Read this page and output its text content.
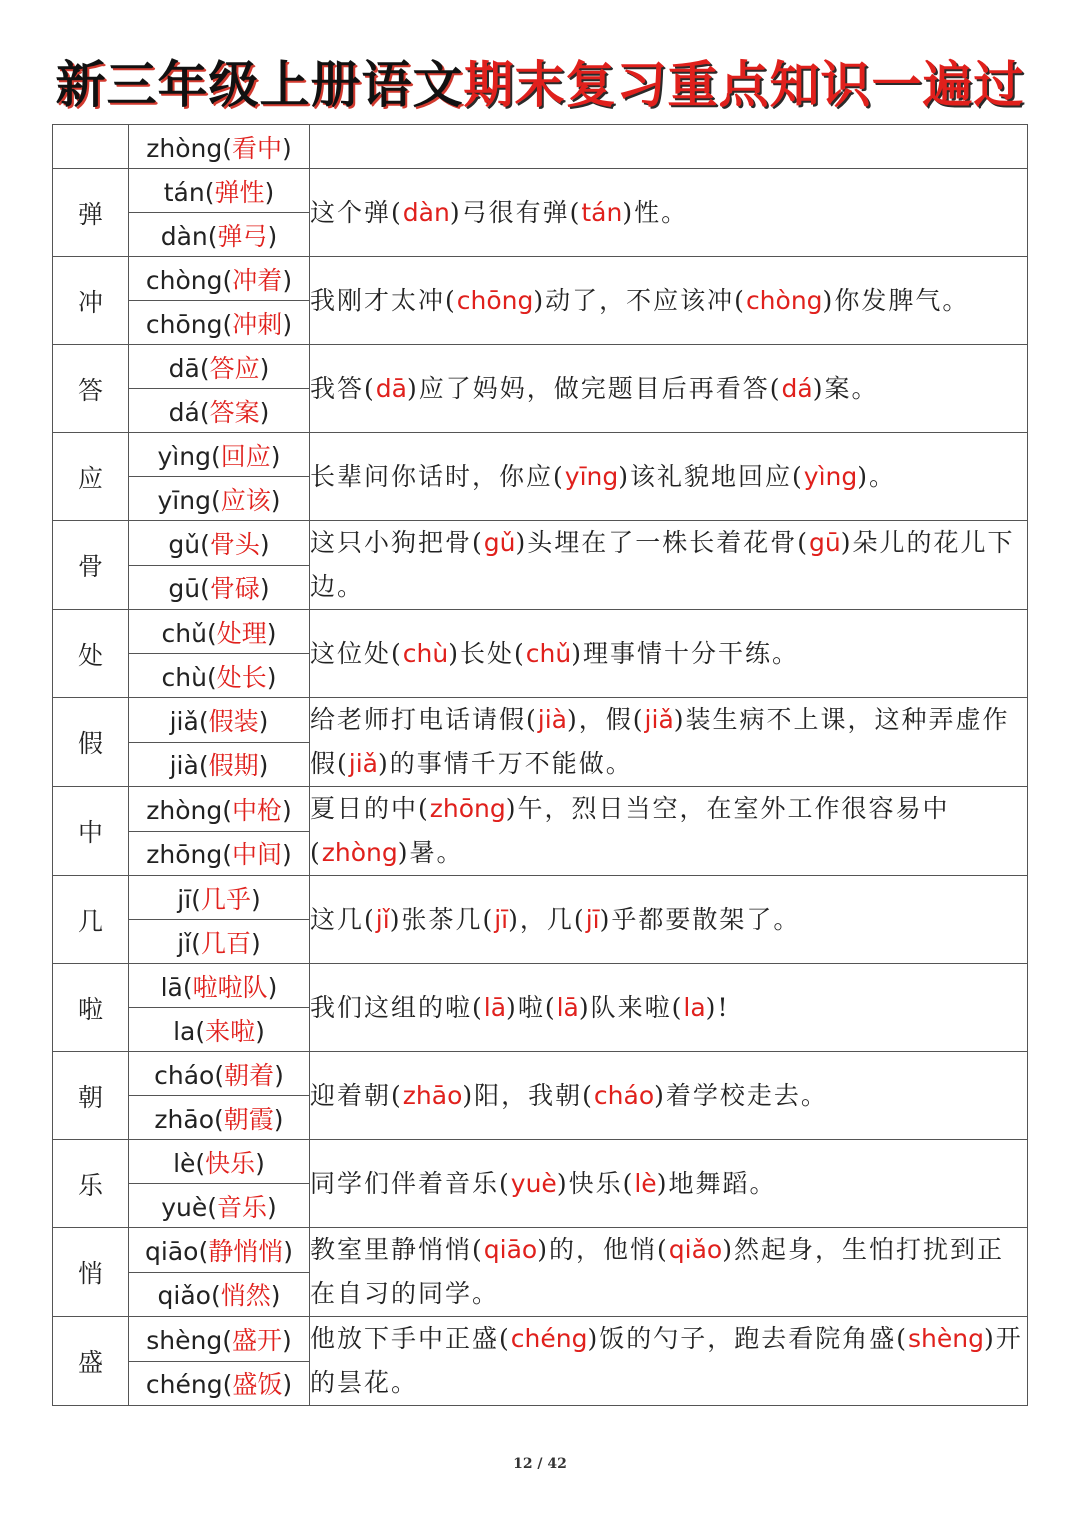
新三年级上册语文期末复习重点知识一遍过
	zhòng(看中)	
弹	tán(弹性)	这个弹(dàn)弓很有弹(tán)性。
	dàn(弹弓)	
冲	chòng(冲着)	我刚才太冲(chōng)动了，不应该冲(chòng)你发脾气。
	chōng(冲刺)	
答	dā(答应)	我答(dā)应了妈妈，做完题目后再看答(dá)案。
	dá(答案)	
应	yìng(回应)	长辈问你话时，你应(yīng)该礼貌地回应(yìng)。
	yīng(应该)	
骨	gǔ(骨头)	这只小狗把骨(gǔ)头埋在了一株长着花骨(gū)朵儿的花儿下边。
	gū(骨碌)	
处	chǔ(处理)	这位处(chù)长处(chǔ)理事情十分干练。
	chù(处长)	
假	jiǎ(假装)	给老师打电话请假(jià)，假(jiǎ)装生病不上课，这种弄虚作假(jiǎ)的事情千万不能做。
	jià(假期)	
中	zhòng(中枪)	夏日的中(zhōng)午，烈日当空，在室外工作很容易中(zhòng)暑。
	zhōng(中间)	
几	jī(几乎)	这几(jǐ)张茶几(jī)，几(jī)乎都要散架了。
	jǐ(几百)	
啦	lā(啦啦队)	我们这组的啦(lā)啦(lā)队来啦(la)!
	la(来啦)	
朝	cháo(朝着)	迎着朝(zhāo)阳，我朝(cháo)着学校走去。
	zhāo(朝霞)	
乐	lè(快乐)	同学们伴着音乐(yuè)快乐(lè)地舞蹈。
	yuè(音乐)	
悄	qiāo(静悄悄)	教室里静悄悄(qiāo)的，他悄(qiǎo)然起身，生怕打扰到正在自习的同学。
	qiǎo(悄然)	
盛	shèng(盛开)	他放下手中正盛(chéng)饭的勺子，跑去看院角盛(shèng)开的昙花。
	chéng(盛饭)	
12 / 42
